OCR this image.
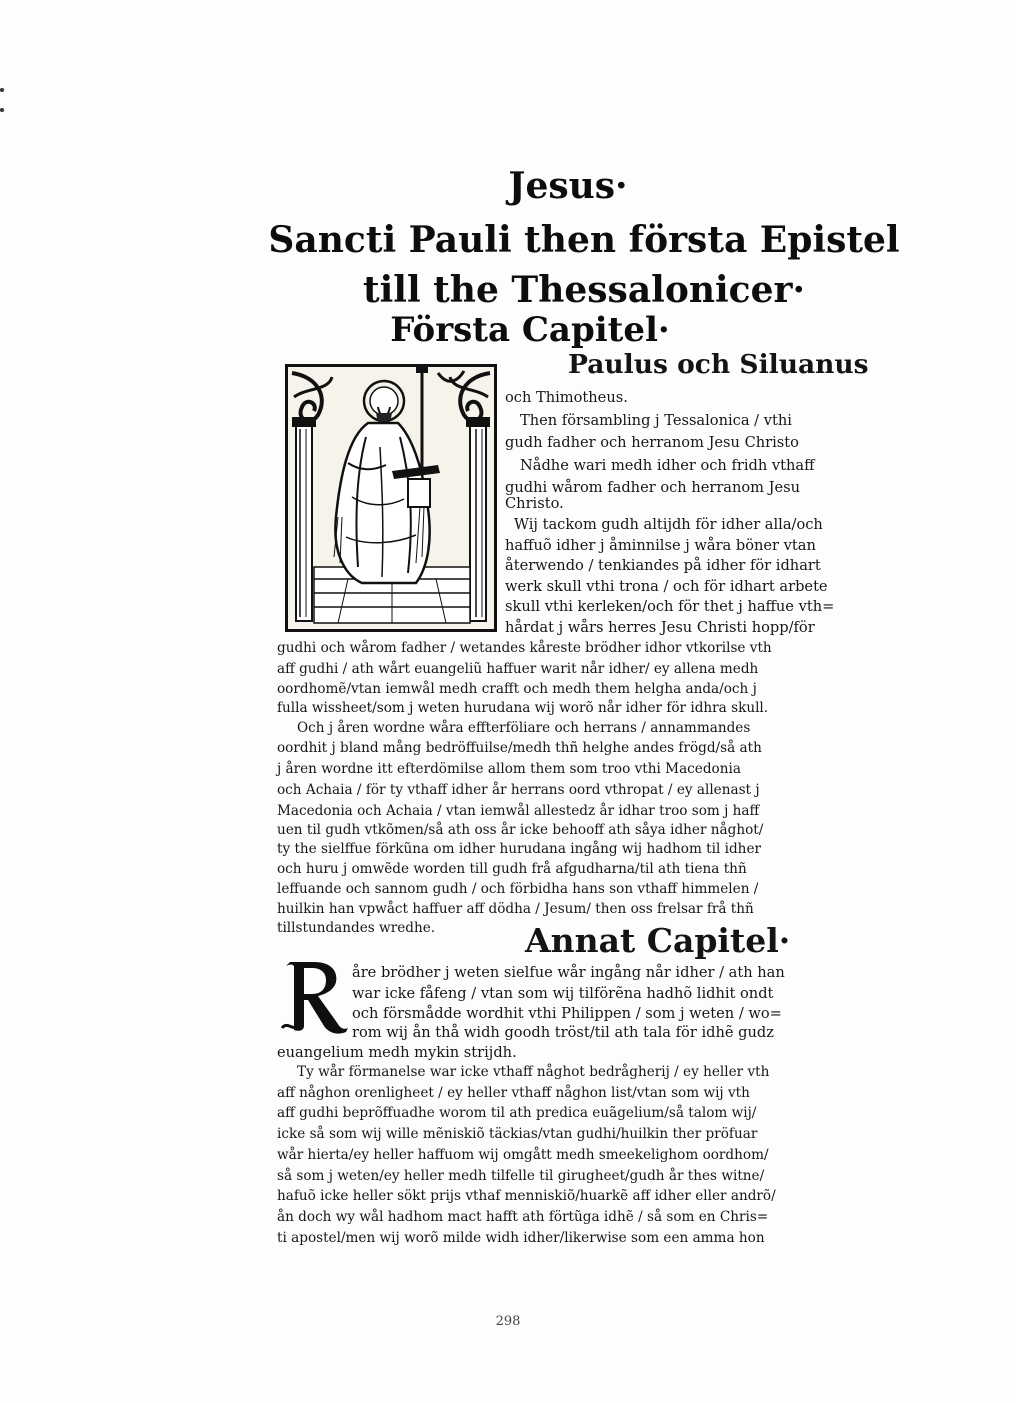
Jesus·
Sancti Pauli then första Epistel
till the Thessalonicer·
Första Capitel·
Paulus och Siluanus
och Thimotheus.
Then försambling j Tessalonica / vthi
gudh fadher och herranom Jesu Christo
Nådhe wari medh idher och fridh vthaff
gudhi wårom fadher och herranom Jesu
Christo.
Wij tackom gudh altijdh för idher alla/och
haffuõ idher j åminnilse j wåra böner vtan
återwendo / tenkiandes på idher för idhart
werk skull vthi trona / och för idhart arbete
skull vthi kerleken/och för thet j haffue vth=
hårdat j wårs herres Jesu Christi hopp/för
gudhi och wårom fadher / wetandes kåreste brödher idhor vtkorilse vth
aff gudhi / ath wårt euangeliũ haffuer warit når idher/ ey allena medh
oordhomẽ/vtan iemwål medh crafft och medh them helgha anda/och j
fulla wissheet/som j weten hurudana wij worõ når idher för idhra skull.
Och j åren wordne wåra effterföliare och herrans / annammandes
oordhit j bland mång bedröffuilse/medh thñ helghe andes frögd/så ath
j åren wordne itt efterdömilse allom them som troo vthi Macedonia
och Achaia / för ty vthaff idher år herrans oord vthropat / ey allenast j
Macedonia och Achaia / vtan iemwål allestedz år idhar troo som j haff
uen til gudh vtkõmen/så ath oss år icke behooff ath såya idher någhot/
ty the sielffue förkũna om idher hurudana ingång wij hadhom til idher
och huru j omwẽde worden till gudh frå afgudharna/til ath tiena thñ
leffuande och sannom gudh / och förbidha hans son vthaff himmelen /
huilkin han vpwåct haffuer aff dödha / Jesum/ then oss frelsar frå thñ
tillstundandes wredhe.	Annat Capitel·
åre brödher j weten sielfue wår ingång når idher / ath han
war icke fåfeng / vtan som wij tilförẽna hadhõ lidhit ondt
och försmådde wordhit vthi Philippen / som j weten / wo=
rom wij ån thå widh goodh tröst/til ath tala för idhẽ gudz
euangelium medh mykin strijdh.
Ty wår förmanelse war icke vthaff någhot bedrågherij / ey heller vth
aff någhon orenligheet / ey heller vthaff någhon list/vtan som wij vth
aff gudhi beprõffuadhe worom til ath predica euãgelium/så talom wij/
icke så som wij wille mẽniskiõ täckias/vtan gudhi/huilkin ther pröfuar
wår hierta/ey heller haffuom wij omgått medh smeekelighom oordhom/
så som j weten/ey heller medh tilfelle til girugheet/gudh år thes witne/
hafuõ icke heller sökt prijs vthaf menniskiõ/huarkẽ aff idher eller andrõ/
ån doch wy wål hadhom mact hafft ath förtũga idhẽ / så som en Chris=
ti apostel/men wij worõ milde widh idher/likerwise som een amma hon
298
